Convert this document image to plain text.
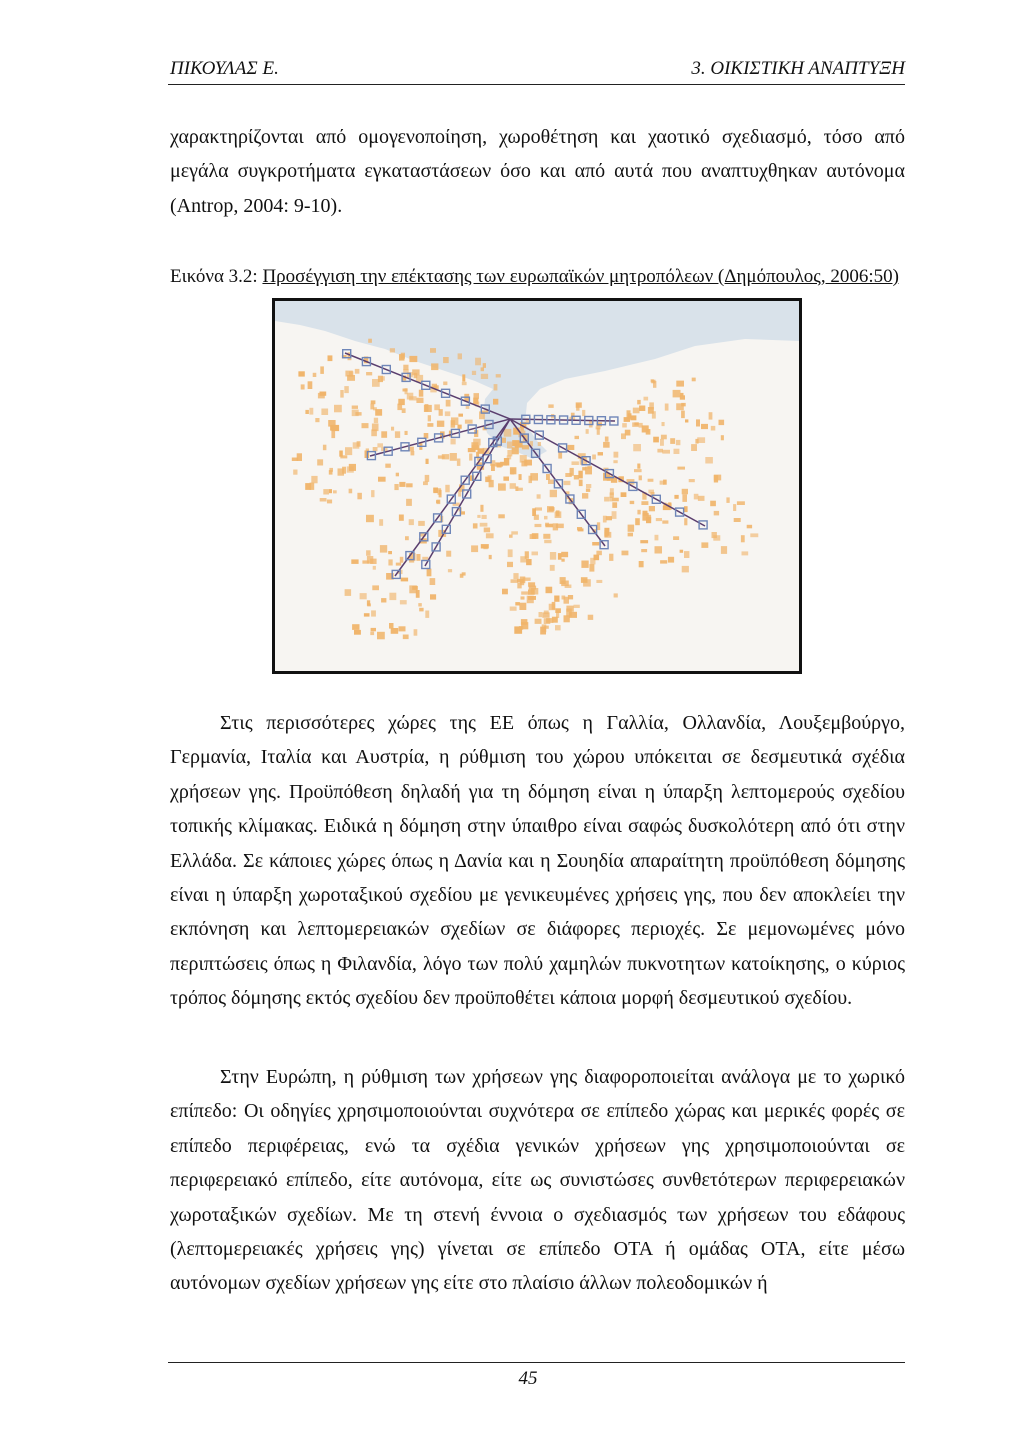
ΠΙΚΟΥΛΑΣ Ε.	3. ΟΙΚΙΣΤΙΚΗ ΑΝΑΠΤΥΞΗ
χαρακτηρίζονται από ομογενοποίηση, χωροθέτηση και χαοτικό σχεδιασμό, τόσο από μεγάλα συγκροτήματα εγκαταστάσεων όσο και από αυτά που αναπτυχθηκαν αυτόνομα (Antrop, 2004: 9-10).
Εικόνα 3.2: Προσέγγιση την επέκτασης των ευρωπαϊκών μητροπόλεων (Δημόπουλος, 2006:50)
Στις περισσότερες χώρες της ΕΕ όπως η Γαλλία, Ολλανδία, Λουξεμβούργο, Γερμανία, Ιταλία και Αυστρία, η ρύθμιση του χώρου υπόκειται σε δεσμευτικά σχέδια χρήσεων γης. Προϋπόθεση δηλαδή για τη δόμηση είναι η ύπαρξη λεπτομερούς σχεδίου τοπικής κλίμακας. Ειδικά η δόμηση στην ύπαιθρο είναι σαφώς δυσκολότερη από ότι στην Ελλάδα. Σε κάποιες χώρες όπως η Δανία και η Σουηδία απαραίτητη προϋπόθεση δόμησης είναι η ύπαρξη χωροταξικού σχεδίου με γενικευμένες χρήσεις γης, που δεν αποκλείει την εκπόνηση και λεπτομερειακών σχεδίων σε διάφορες περιοχές. Σε μεμονωμένες μόνο περιπτώσεις όπως η Φιλανδία, λόγο των πολύ χαμηλών πυκνοτητων κατοίκησης, ο κύριος τρόπος δόμησης εκτός σχεδίου δεν προϋποθέτει κάποια μορφή δεσμευτικού σχεδίου.
Στην Ευρώπη, η ρύθμιση των χρήσεων γης διαφοροποιείται ανάλογα με το χωρικό επίπεδο: Οι οδηγίες χρησιμοποιούνται συχνότερα σε επίπεδο χώρας και μερικές φορές σε επίπεδο περιφέρειας, ενώ τα σχέδια γενικών χρήσεων γης χρησιμοποιούνται σε περιφερειακό επίπεδο, είτε αυτόνομα, είτε ως συνιστώσες συνθετότερων περιφερειακών χωροταξικών σχεδίων. Με τη στενή έννοια ο σχεδιασμός των χρήσεων του εδάφους (λεπτομερειακές χρήσεις γης) γίνεται σε επίπεδο ΟΤΑ ή ομάδας ΟΤΑ, είτε μέσω αυτόνομων σχεδίων χρήσεων γης είτε στο πλαίσιο άλλων πολεοδομικών ή
45
